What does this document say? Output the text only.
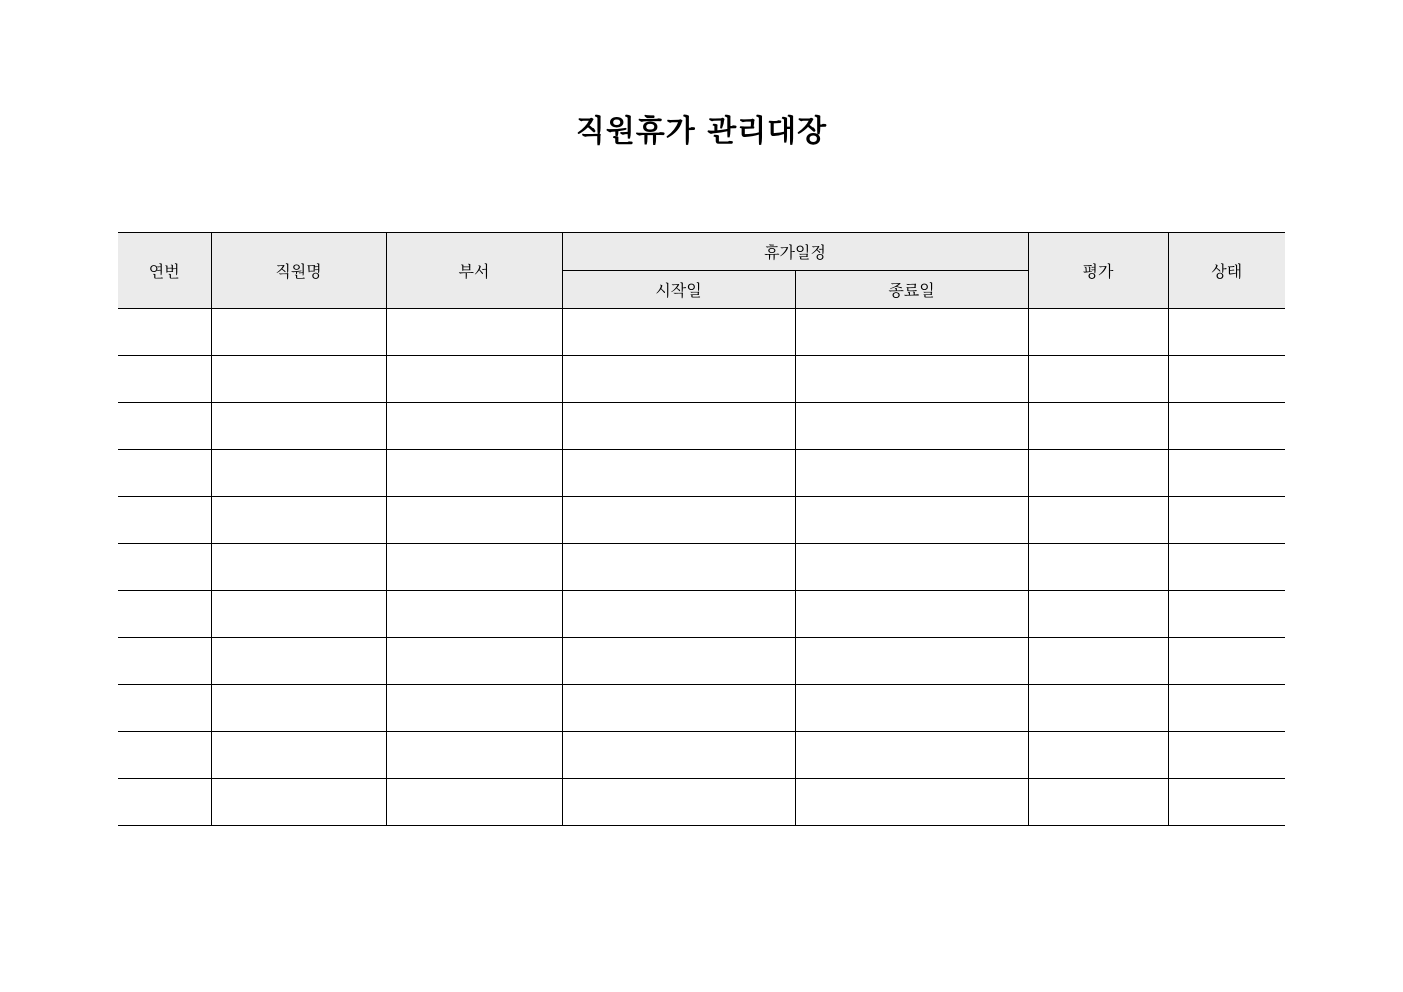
직원휴가 관리대장
연번	직원명	부서	휴가일정		평가	상태
			시작일	종료일		
